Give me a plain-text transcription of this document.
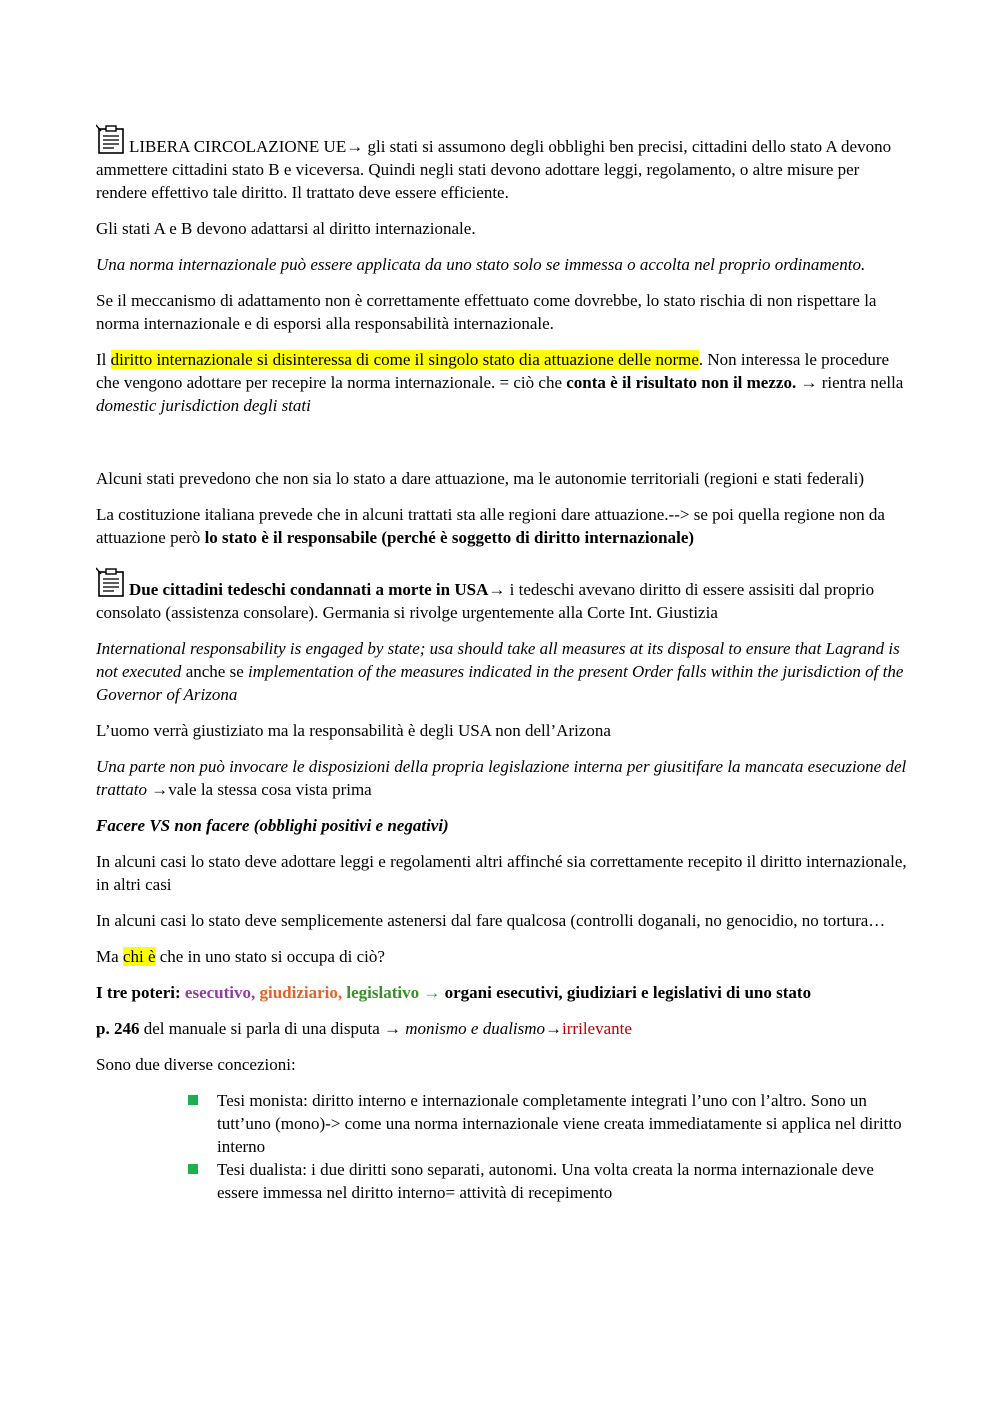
LIBERA CIRCOLAZIONE UE→ gli stati si assumono degli obblighi ben precisi, cittadini dello stato A devono ammettere cittadini stato B e viceversa. Quindi negli stati devono adottare leggi, regolamento, o altre misure per rendere effettivo tale diritto. Il trattato deve essere efficiente.

Gli stati A e B devono adattarsi al diritto internazionale.

Una norma internazionale può essere applicata da uno stato solo se immessa o accolta nel proprio ordinamento.

Se il meccanismo di adattamento non è correttamente effettuato come dovrebbe, lo stato rischia di non rispettare la norma internazionale e di esporsi alla responsabilità internazionale.

Il diritto internazionale si disinteressa di come il singolo stato dia attuazione delle norme. Non interessa le procedure che vengono adottare per recepire la norma internazionale. = ciò che conta è il risultato non il mezzo. → rientra nella domestic jurisdiction degli stati

Alcuni stati prevedono che non sia lo stato a dare attuazione, ma le autonomie territoriali (regioni e stati federali)

La costituzione italiana prevede che in alcuni trattati sta alle regioni dare attuazione.--> se poi quella regione non da attuazione però lo stato è il responsabile (perché è soggetto di diritto internazionale)

Due cittadini tedeschi condannati a morte in USA→ i tedeschi avevano diritto di essere assisiti dal proprio consolato (assistenza consolare). Germania si rivolge urgentemente alla Corte Int. Giustizia

International responsability is engaged by state; usa should take all measures at its disposal to ensure that Lagrand is not executed anche se implementation of the measures indicated in the present Order falls within the jurisdiction of the Governor of Arizona

L’uomo verrà giustiziato ma la responsabilità è degli USA non dell’Arizona

Una parte non può invocare le disposizioni della propria legislazione interna per giusitifare la mancata esecuzione del trattato →vale la stessa cosa vista prima

Facere VS non facere (obblighi positivi e negativi)

In alcuni casi lo stato deve adottare leggi e regolamenti altri affinché sia correttamente recepito il diritto internazionale, in altri casi

In alcuni casi lo stato deve semplicemente astenersi dal fare qualcosa (controlli doganali, no genocidio, no tortura…

Ma chi è che in uno stato si occupa di ciò?

I tre poteri: esecutivo, giudiziario, legislativo → organi esecutivi, giudiziari e legislativi di uno stato

p. 246 del manuale si parla di una disputa → monismo e dualismo→irrilevante

Sono due diverse concezioni:

Tesi monista: diritto interno e internazionale completamente integrati l’uno con l’altro. Sono un tutt’uno (mono)-> come una norma internazionale viene creata immediatamente si applica nel diritto interno
Tesi dualista: i due diritti sono separati, autonomi. Una volta creata la norma internazionale deve essere immessa nel diritto interno= attività di recepimento
